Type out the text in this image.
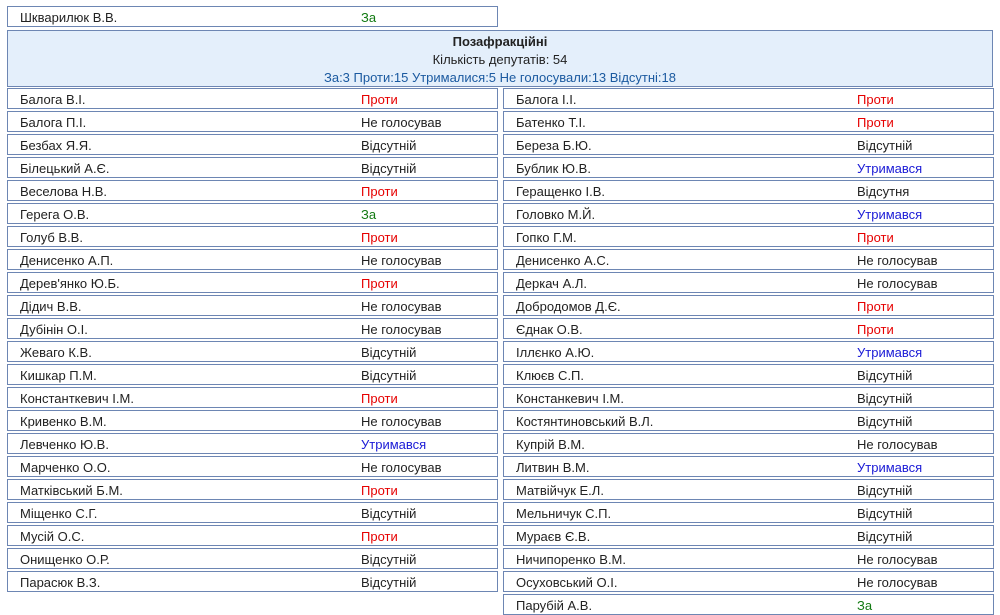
Шкварилюк В.В.	За
Позафракційні
Кількість депутатів: 54
За:3 Проти:15 Утрималися:5 Не голосували:13 Відсутні:18
Балога В.І.	Проти
Балога П.І.	Не голосував
Безбах Я.Я.	Відсутній
Білецький А.Є.	Відсутній
Веселова Н.В.	Проти
Герега О.В.	За
Голуб В.В.	Проти
Денисенко А.П.	Не голосував
Дерев'янко Ю.Б.	Проти
Дідич В.В.	Не голосував
Дубінін О.І.	Не голосував
Жеваго К.В.	Відсутній
Кишкар П.М.	Відсутній
Константкевич І.М.	Проти
Кривенко В.М.	Не голосував
Левченко Ю.В.	Утримався
Марченко О.О.	Не голосував
Матківський Б.М.	Проти
Міщенко С.Г.	Відсутній
Мусій О.С.	Проти
Онищенко О.Р.	Відсутній
Парасюк В.З.	Відсутній
Балога І.І.	Проти
Батенко Т.І.	Проти
Береза Б.Ю.	Відсутній
Бублик Ю.В.	Утримався
Геращенко І.В.	Відсутня
Головко М.Й.	Утримався
Гопко Г.М.	Проти
Денисенко А.С.	Не голосував
Деркач А.Л.	Не голосував
Добродомов Д.Є.	Проти
Єднак О.В.	Проти
Іллєнко А.Ю.	Утримався
Клюєв С.П.	Відсутній
Констанкевич І.М.	Відсутній
Костянтиновський В.Л.	Відсутній
Купрій В.М.	Не голосував
Литвин В.М.	Утримався
Матвійчук Е.Л.	Відсутній
Мельничук С.П.	Відсутній
Мураєв Є.В.	Відсутній
Ничипоренко В.М.	Не голосував
Осуховський О.І.	Не голосував
Парубій А.В.	За
